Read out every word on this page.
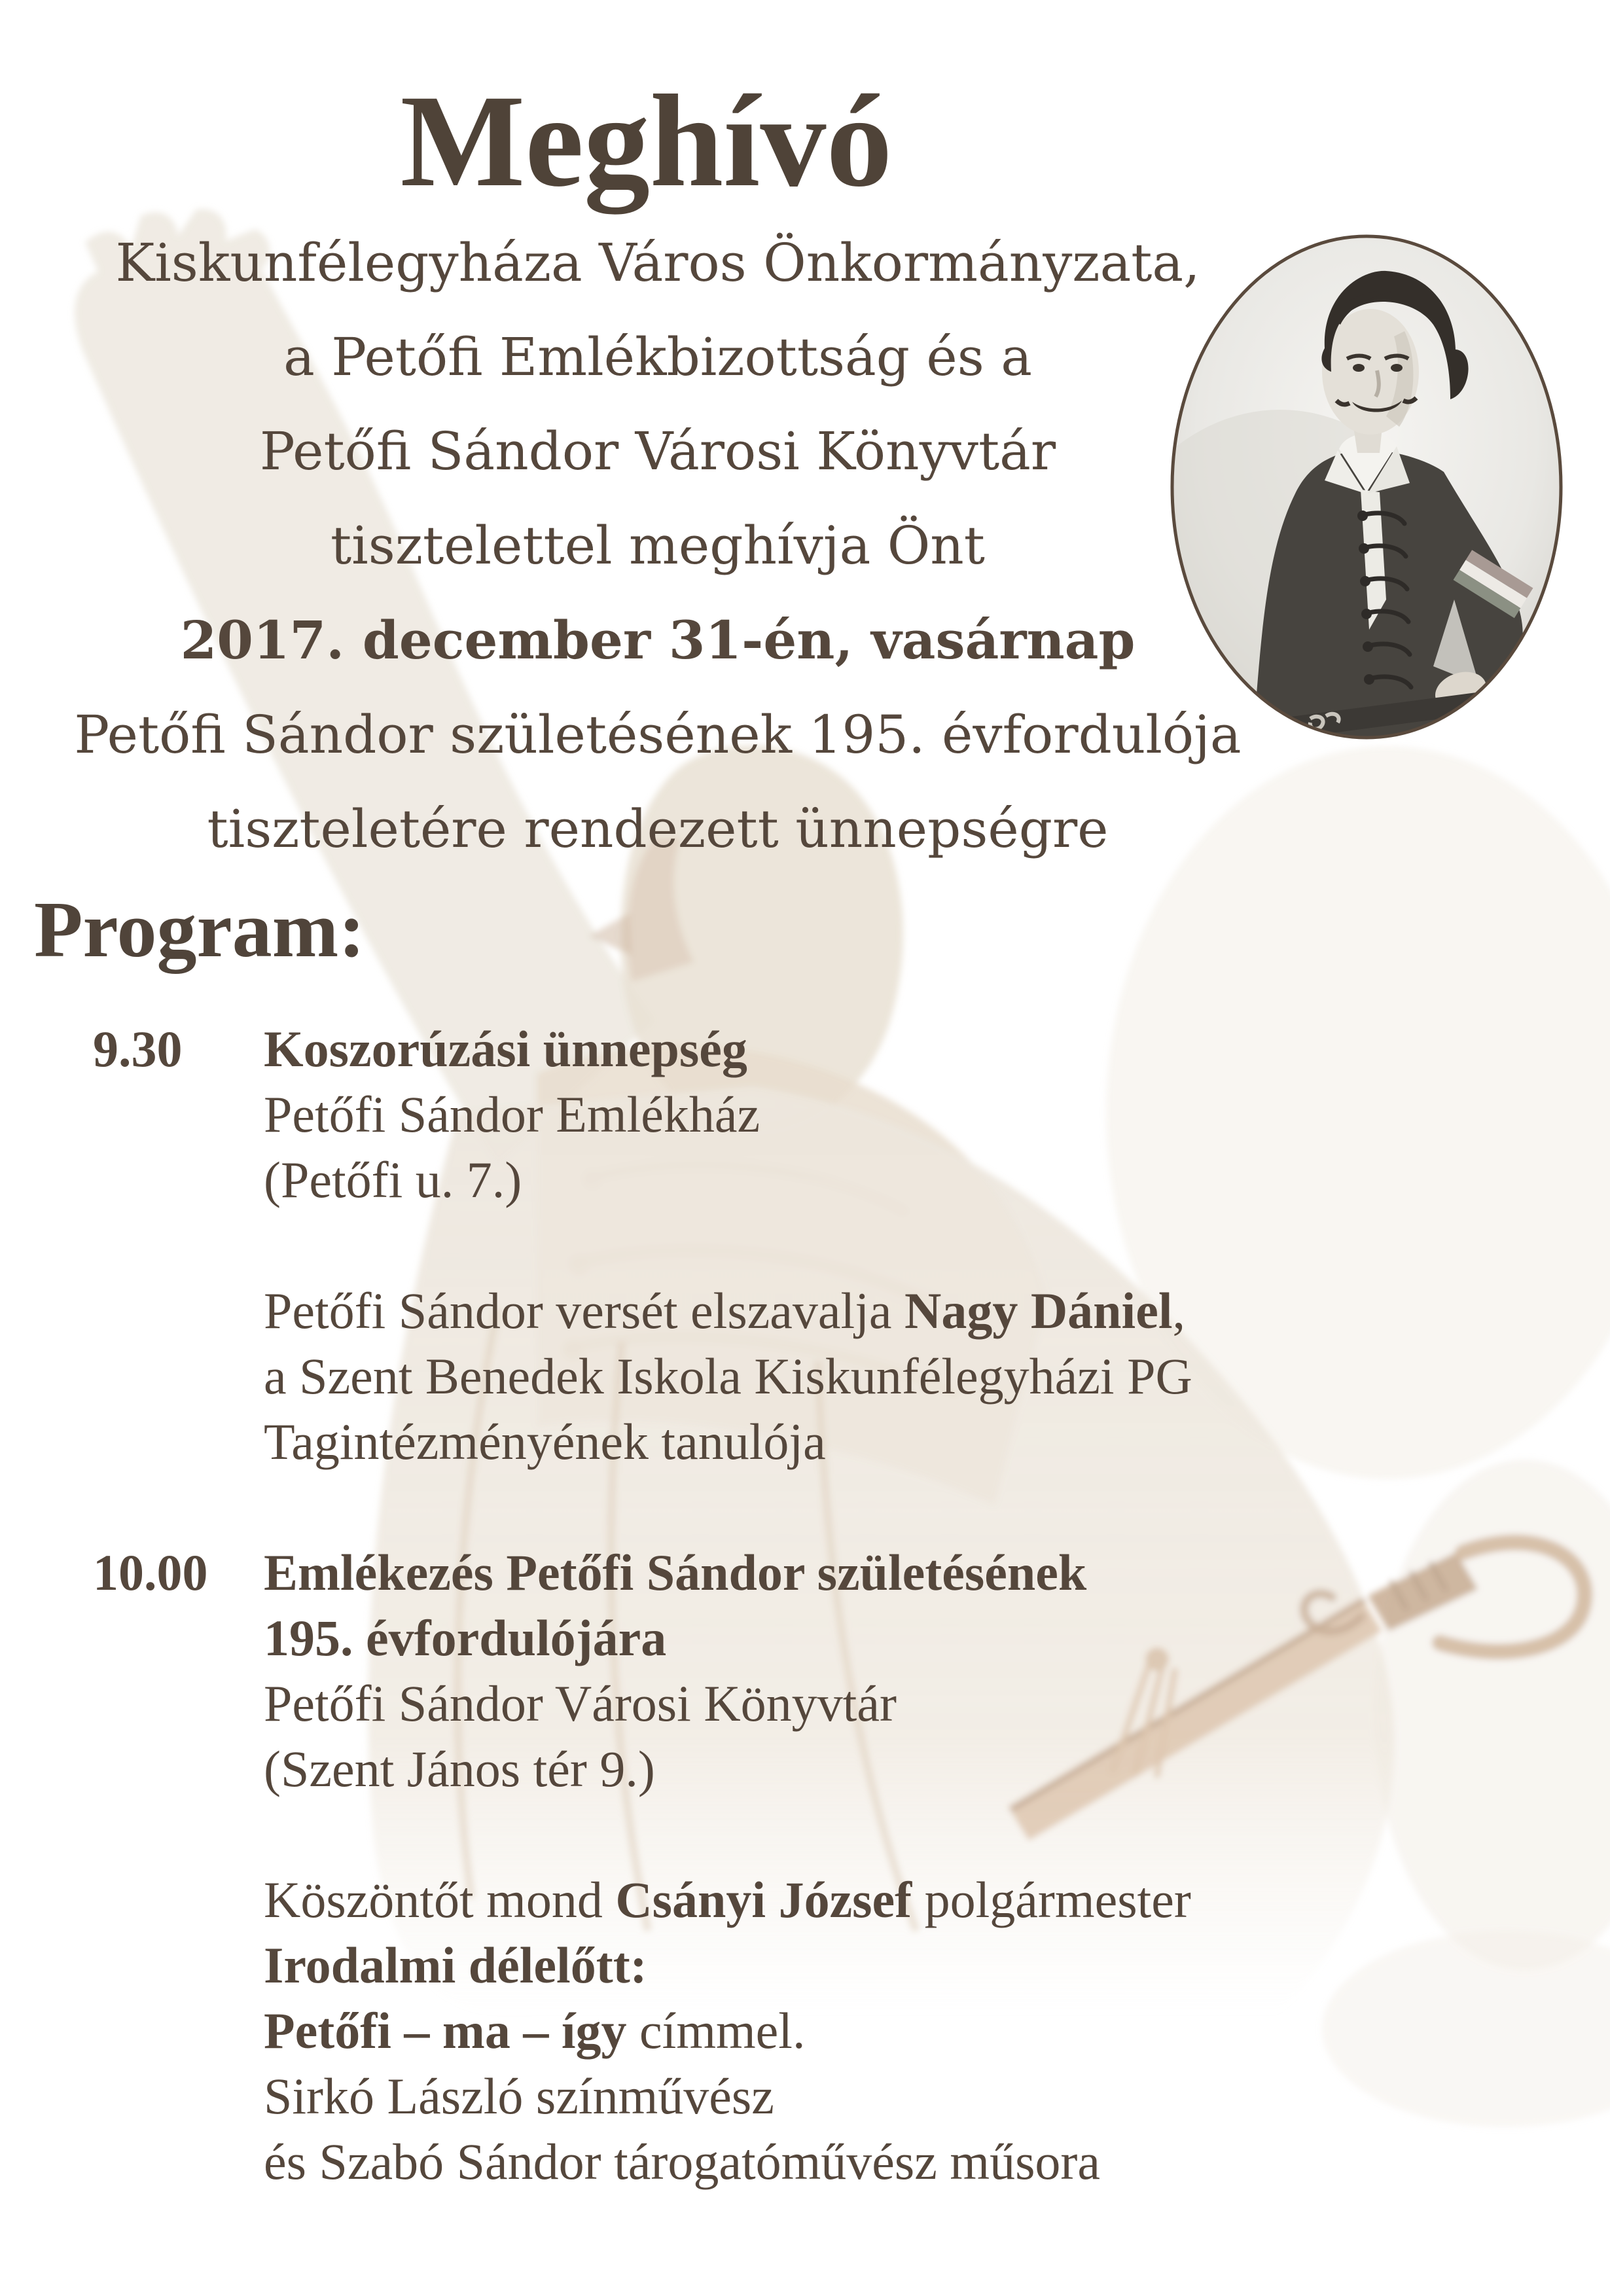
Meghívó
Kiskunfélegyháza Város Önkormányzata,
a Petőfi Emlékbizottság és a
Petőfi Sándor Városi Könyvtár
tisztelettel meghívja Önt
2017. december 31-én, vasárnap
Petőfi Sándor születésének 195. évfordulója
tiszteletére rendezett ünnepségre
Program:
9.30	Koszorúzási ünnepség
Petőfi Sándor Emlékház
(Petőfi u. 7.)
Petőfi Sándor versét elszavalja Nagy Dániel,
a Szent Benedek Iskola Kiskunfélegyházi PG
Tagintézményének tanulója
10.00	Emlékezés Petőfi Sándor születésének
195. évfordulójára
Petőfi Sándor Városi Könyvtár
(Szent János tér 9.)
Köszöntőt mond Csányi József polgármester
Irodalmi délelőtt:
Petőfi – ma – így címmel.
Sirkó László színművész
és Szabó Sándor tárogatóművész műsora
